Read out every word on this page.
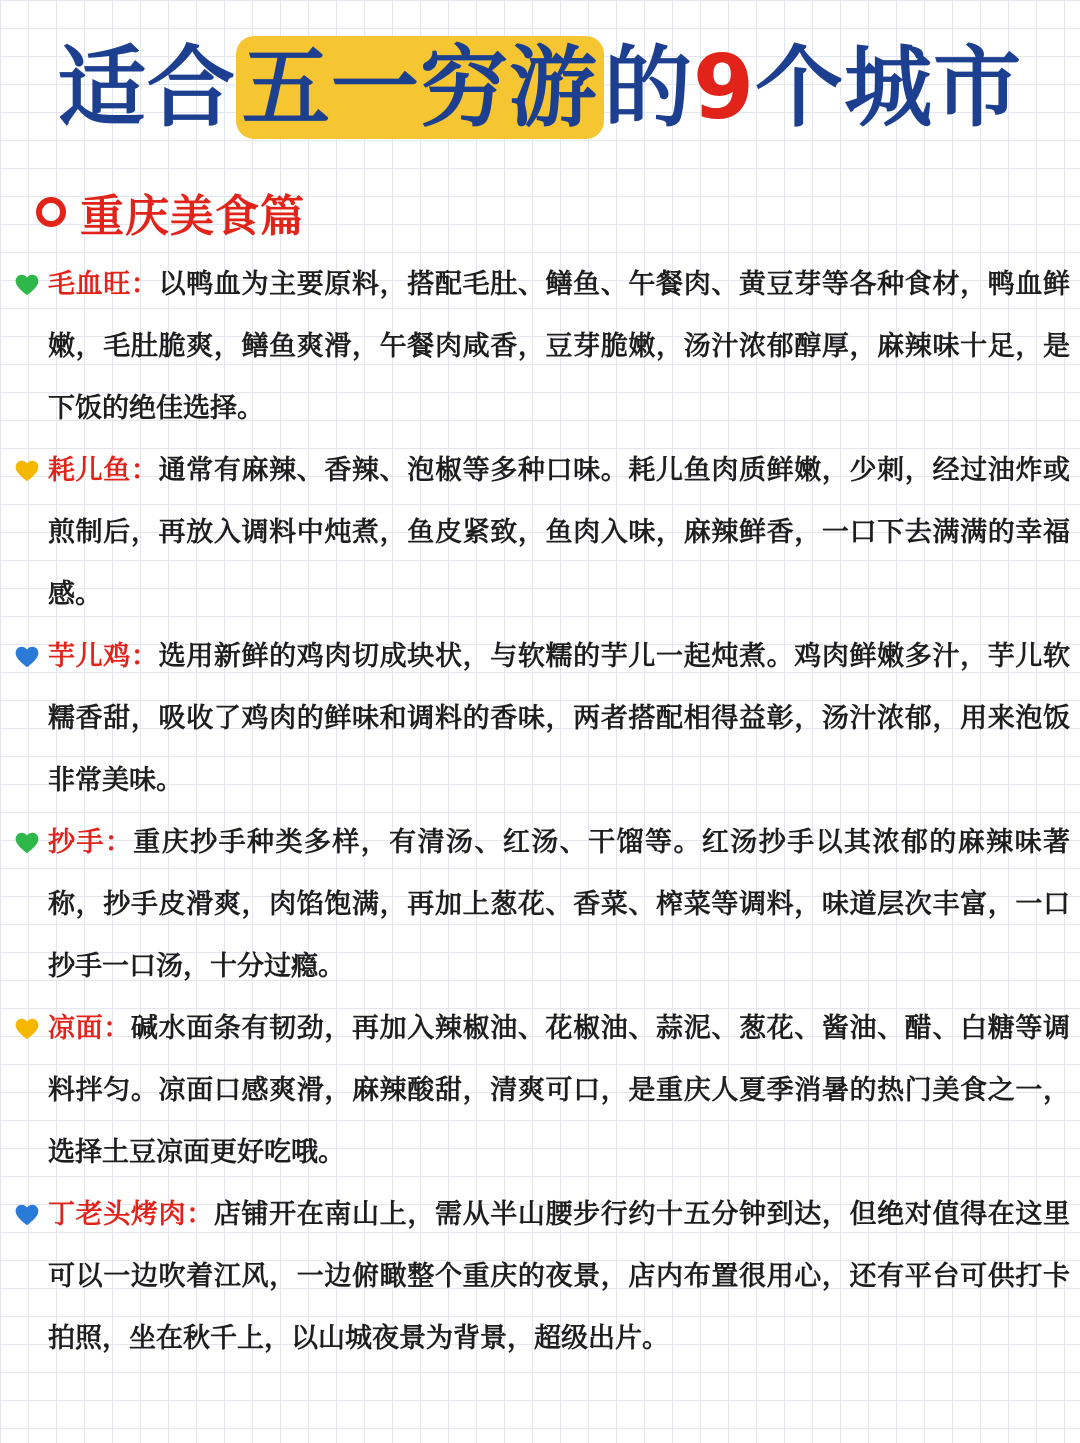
适合五一穷游的9个城市
重庆美食篇
毛血旺：以鸭血为主要原料，搭配毛肚、鳝鱼、午餐肉、黄豆芽等各种食材，鸭血鲜嫩，毛肚脆爽，鳝鱼爽滑，午餐肉咸香，豆芽脆嫩，汤汁浓郁醇厚，麻辣味十足，是下饭的绝佳选择。
耗儿鱼：通常有麻辣、香辣、泡椒等多种口味。耗儿鱼肉质鲜嫩，少刺，经过油炸或煎制后，再放入调料中炖煮，鱼皮紧致，鱼肉入味，麻辣鲜香，一口下去满满的幸福感。
芋儿鸡：选用新鲜的鸡肉切成块状，与软糯的芋儿一起炖煮。鸡肉鲜嫩多汁，芋儿软糯香甜，吸收了鸡肉的鲜味和调料的香味，两者搭配相得益彰，汤汁浓郁，用来泡饭非常美味。
抄手：重庆抄手种类多样，有清汤、红汤、干馏等。红汤抄手以其浓郁的麻辣味著称，抄手皮滑爽，肉馅饱满，再加上葱花、香菜、榨菜等调料，味道层次丰富，一口抄手一口汤，十分过瘾。
凉面：碱水面条有韧劲，再加入辣椒油、花椒油、蒜泥、葱花、酱油、醋、白糖等调料拌匀。凉面口感爽滑，麻辣酸甜，清爽可口，是重庆人夏季消暑的热门美食之一，选择土豆凉面更好吃哦。
丁老头烤肉：店铺开在南山上，需从半山腰步行约十五分钟到达，但绝对值得在这里可以一边吹着江风，一边俯瞰整个重庆的夜景，店内布置很用心，还有平台可供打卡拍照，坐在秋千上，以山城夜景为背景，超级出片。
